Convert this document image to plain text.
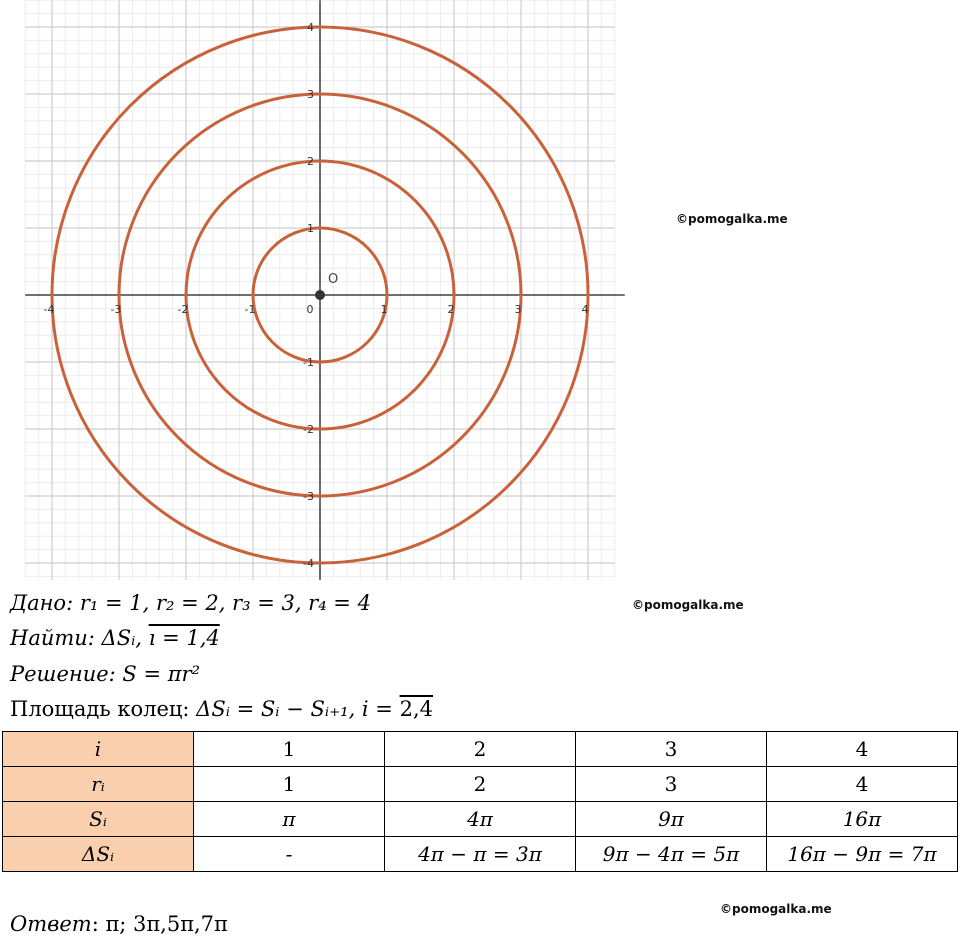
-4	-3	-2	-1	0	1	2	3	4
4
3
2
1
-1
-2
-3
-4
O
©pomogalka.me
©pomogalka.me
©pomogalka.me
Дано: r₁ = 1, r₂ = 2, r₃ = 3, r₄ = 4
Найти: ΔSᵢ, ı = 1,4
Решение: S = πr²
Площадь колец: ΔSᵢ = Sᵢ − Sᵢ₊₁, i = 2,4
i	1	2	3	4
rᵢ	1	2	3	4
Sᵢ	π	4π	9π	16π
ΔSᵢ	-	4π − π = 3π	9π − 4π = 5π	16π − 9π = 7π
Ответ: π; 3π,5π,7π
